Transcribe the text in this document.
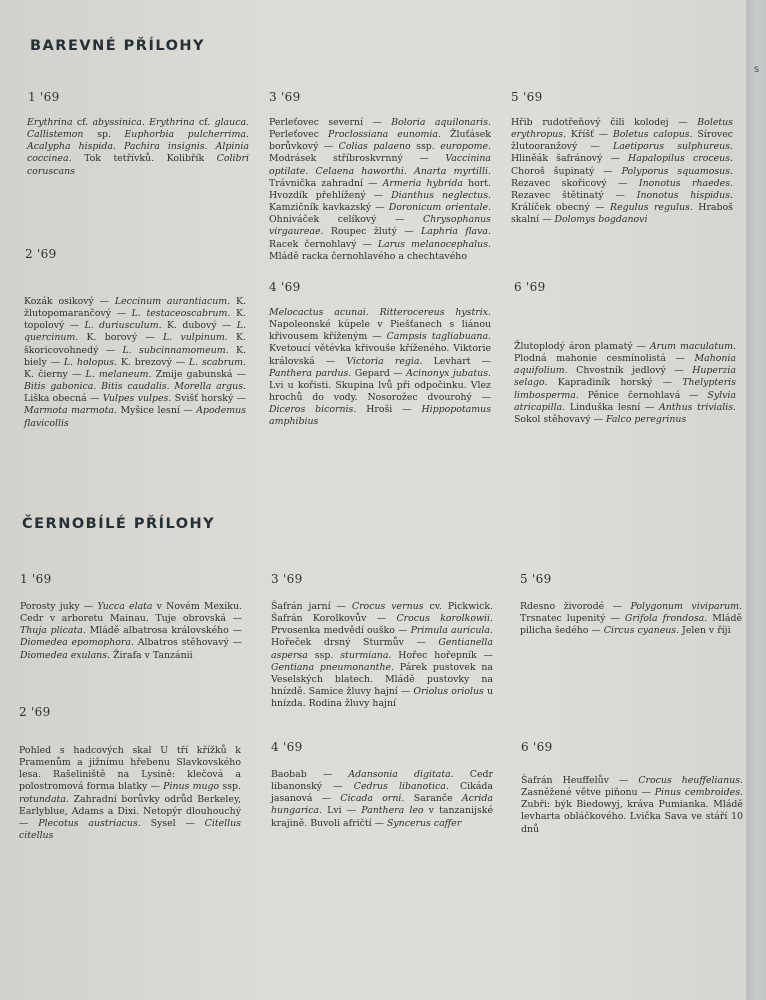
BAREVNÉ PŘÍLOHY
1 '69
Erythrina cf. abyssinica. Erythrina cf. glauca. Callistemon sp. Euphorbia pulcherrima. Acalypha hispida. Pachira insignis. Alpinia coccinea. Tok tetřívků. Kolibřík Colibri coruscans
3 '69
Perleťovec severní — Boloria aquilonaris. Perleťovec Proclossiana eunomia. Žluťásek borůvkový — Colias palaeno ssp. europome. Modrásek stříbroskvrnný — Vaccinina optilate. Celaena haworthi. Anarta myrtilli. Trávnička zahradní — Armeria hybrida hort. Hvozdík přehlížený — Dianthus neglectus. Kamzičník kavkazský — Doronicum orientale. Ohniváček celíkový — Chrysophanus virgaureae. Roupec žlutý — Laphria flava. Racek černohlavý — Larus melanocephalus. Mládě racka černohlavého a chechtavého
5 '69
Hřib rudotřeňový čili kolodej — Boletus erythropus. Kříšť — Boletus calopus. Sírovec žlutooranžový — Laetiporus sulphureus. Hliněák šafránový — Hapalopilus croceus. Choroš šupinatý — Polyporus squamosus. Rezavec skořicový — Inonotus rhaedes. Rezavec štětinatý — Inonotus hispidus. Králíček obecný — Regulus regulus. Hraboš skalní — Dolomys bogdanovi
2 '69
Kozák osikový — Leccinum aurantiacum. K. žlutopomarančový — L. testaceoscabrum. K. topolový — L. duriusculum. K. dubový — L. quercinum. K. borový — L. vulpinum. K. škoricovohnedý — L. subcinnamomeum. K. biely — L. holopus. K. brezový — L. scabrum. K. čierny — L. melaneum. Zmije gabunská — Bitis gabonica. Bitis caudalis. Morella argus. Liška obecná — Vulpes vulpes. Svišť horský — Marmota marmota. Myšice lesní — Apodemus flavicollis
4 '69
Melocactus acunai. Ritterocereus hystrix. Napoleonské kúpele v Piešťanech s liánou křivousem kříženým — Campsis tagliabuana. Kvetoucí větévka křivouše kříženého. Viktorie královská — Victoria regia. Levhart — Panthera pardus. Gepard — Acinonyx jubatus. Lvi u kořisti. Skupina lvů při odpočinku. Vlez hrochů do vody. Nosorožec dvourohý — Diceros bicornis. Hroši — Hippopotamus amphibius
6 '69
Žlutoplodý áron plamatý — Arum maculatum. Plodná mahonie cesmínolistá — Mahonia aquifolium. Chvostník jedlový — Huperzia selago. Kapradiník horský — Thelypteris limbosperma. Pěnice černohlavá — Sylvia atricapilla. Linduška lesní — Anthus trivialis. Sokol stěhovavý — Falco peregrinus
ČERNOBÍLÉ PŘÍLOHY
1 '69
Porosty juky — Yucca elata v Novém Mexiku. Cedr v arboretu Mainau. Tuje obrovská — Thuja plicata. Mládě albatrosa královského — Diomedea epomophora. Albatros stěhovavý — Diomedea exulans. Žirafa v Tanzánii
3 '69
Šafrán jarní — Crocus vernus cv. Pickwick. Šafrán Korolkovův — Crocus korolkowii. Prvosenka medvědí ouško — Primula auricula. Hořeček drsný Sturmův — Gentianella aspersa ssp. sturmiana. Hořec hořepník — Gentiana pneumonanthe. Párek pustovek na Veselských blatech. Mládě pustovky na hnízdě. Samice žluvy hajní — Oriolus oriolus u hnízda. Rodina žluvy hajní
5 '69
Rdesno živorodé — Polygonum viviparum. Trsnatec lupenitý — Grifola frondosa. Mládě pilicha šedého — Circus cyaneus. Jelen v říji
2 '69
Pohled s hadcových skal U tří křížků k Pramenům a jižnímu hřebenu Slavkovského lesa. Rašeliniště na Lysině: klečová a polostromová forma blatky — Pinus mugo ssp. rotundata. Zahradní borůvky odrůd Berkeley, Earlyblue, Adams a Dixi. Netopýr dlouhouchý — Plecotus austriacus. Sysel — Citellus citellus
4 '69
Baobab — Adansonia digitata. Cedr libanonský — Cedrus libanotica. Cikáda jasanová — Cicada orni. Saranče Acrida hungarica. Lvi — Panthera leo v tanzanijské krajině. Buvoli afričtí — Syncerus caffer
6 '69
Šafrán Heuffelův — Crocus heuffelianus. Zasněžené větve piňonu — Pinus cembroides. Zubři: býk Biedowyj, kráva Pumianka. Mládě levharta obláčkového. Lvička Sava ve stáří 10 dnů
s
